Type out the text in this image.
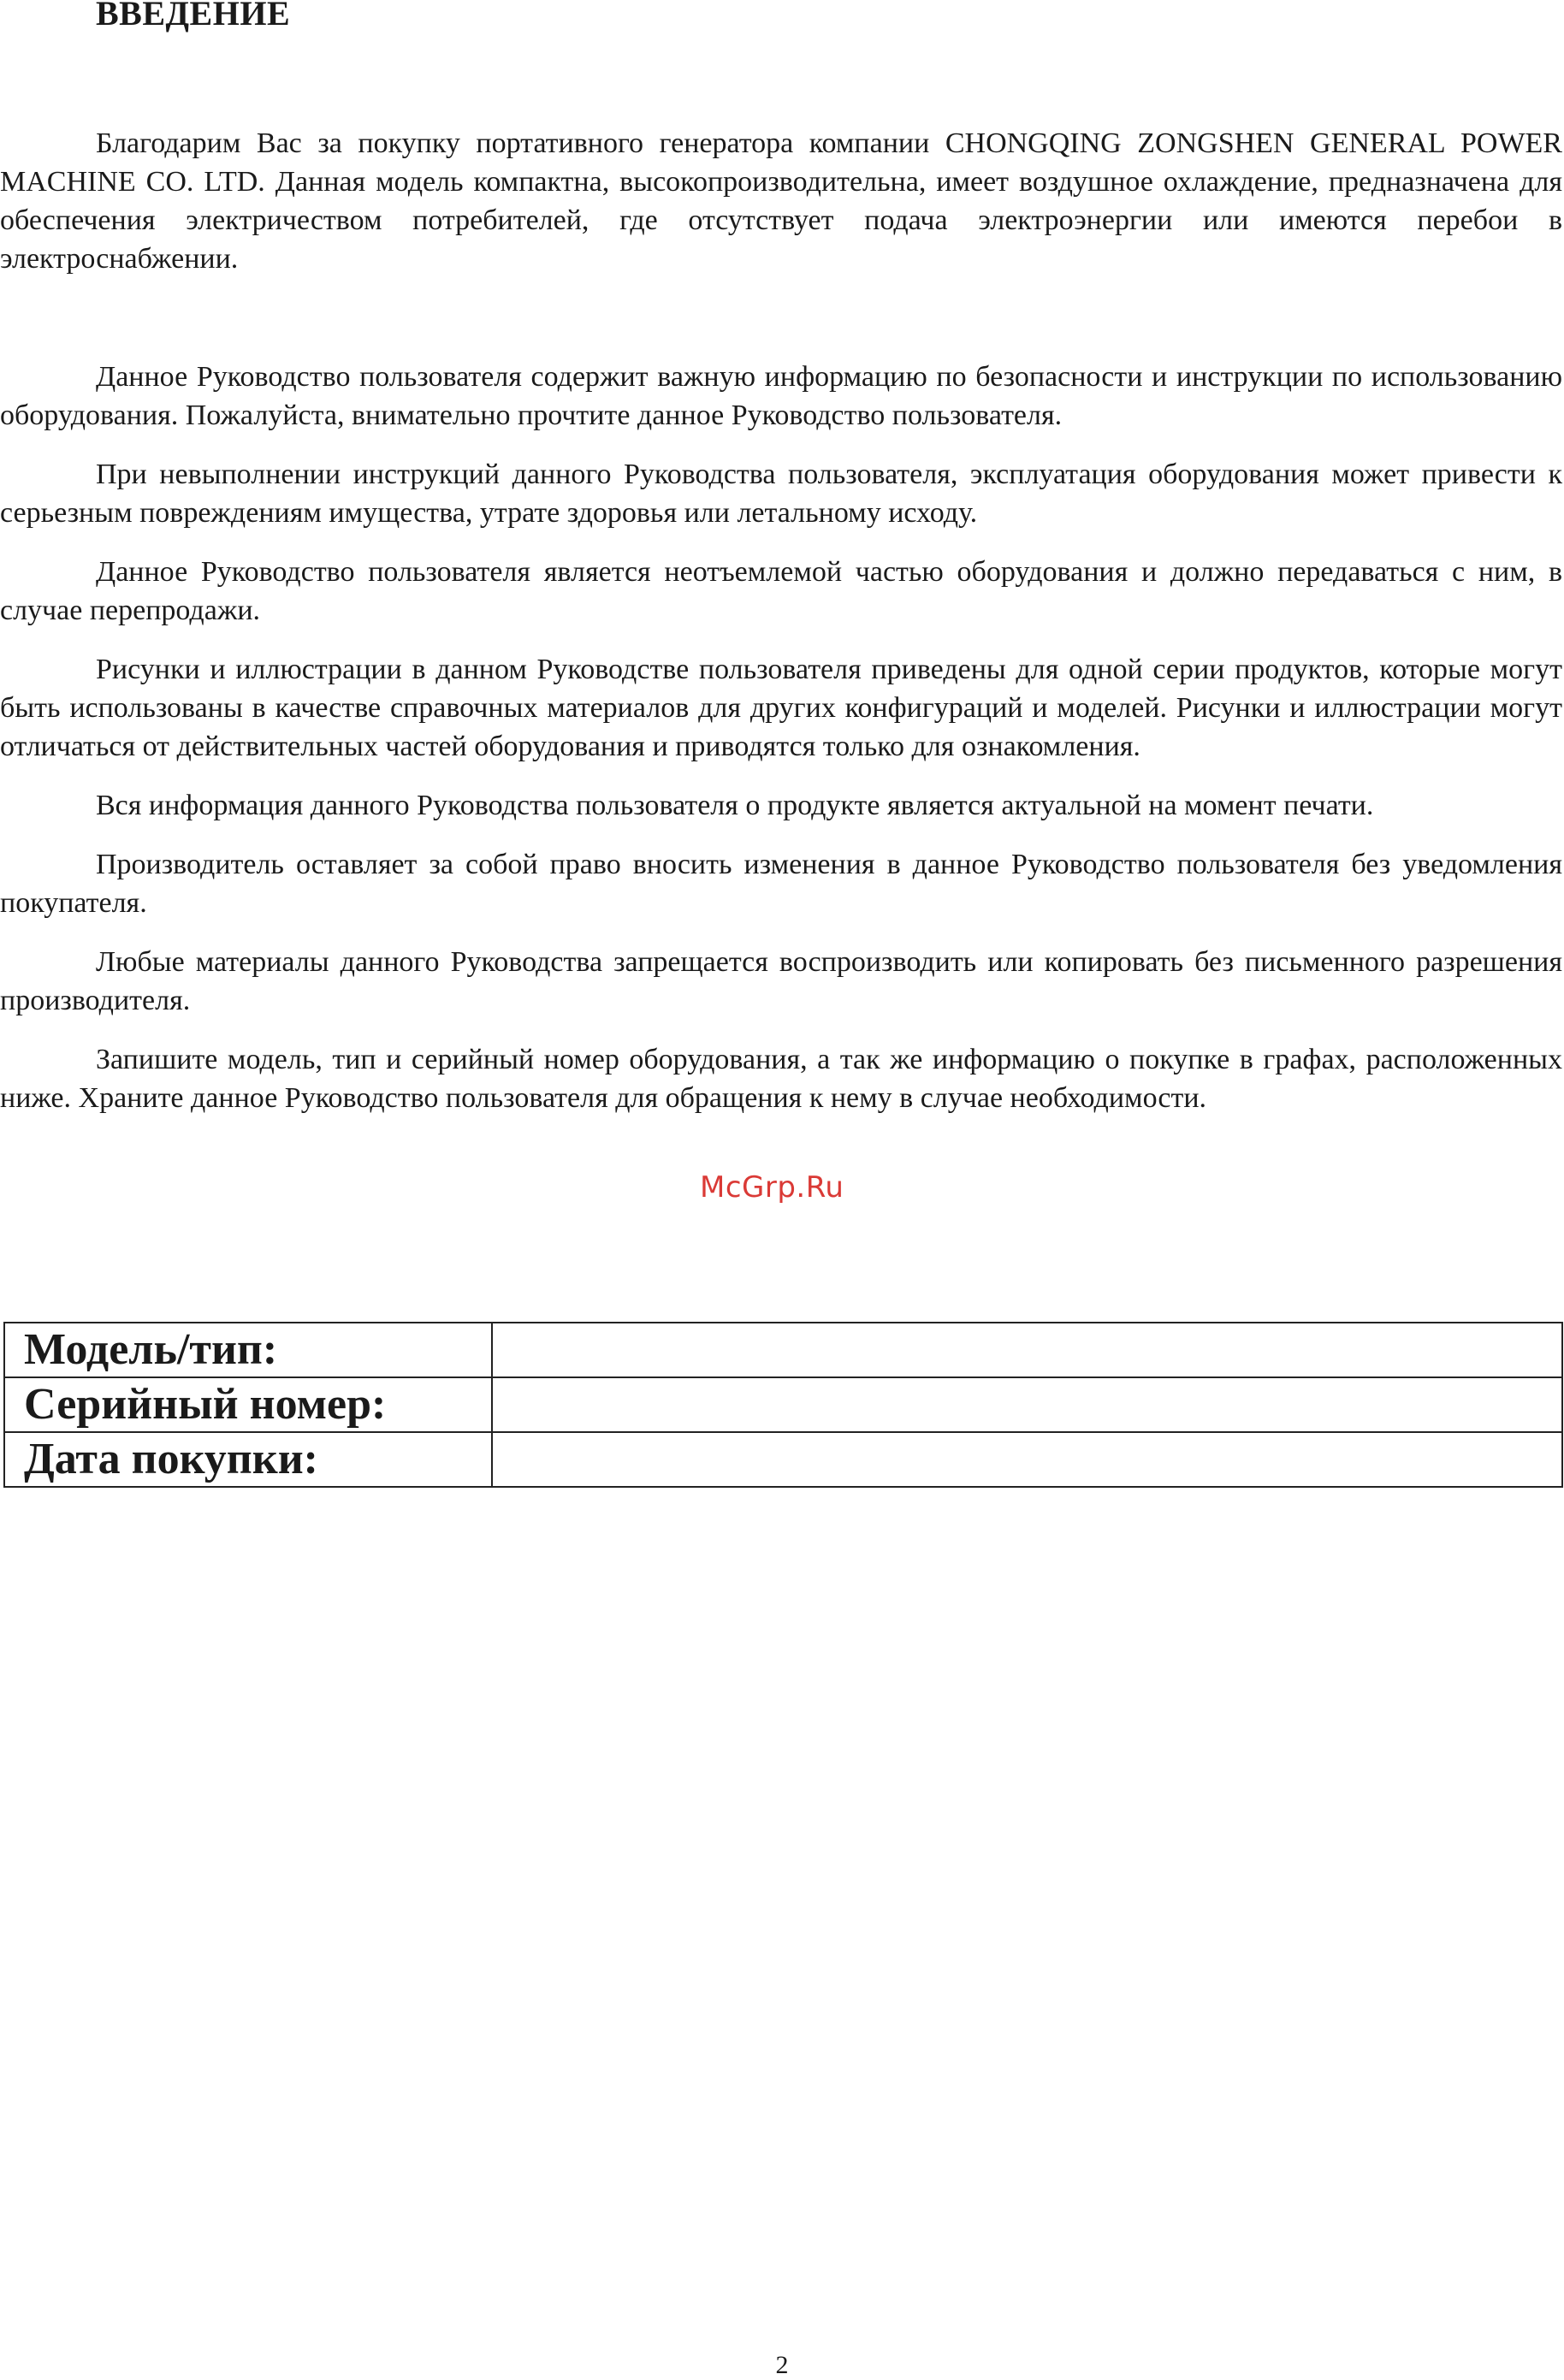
ВВЕДЕНИЕ

Благодарим Вас за покупку портативного генератора компании CHONGQING ZONGSHEN GENERAL POWER MACHINE CO. LTD. Данная модель компактна, высокопроизводительна, имеет воздушное охлаждение, предназначена для обеспечения электричеством потребителей, где отсутствует подача электроэнергии или имеются перебои в электроснабжении.

Данное Руководство пользователя содержит важную информацию по безопасности и инструкции по использованию оборудования. Пожалуйста, внимательно прочтите данное Руководство пользователя.

При невыполнении инструкций данного Руководства пользователя, эксплуатация оборудования может привести к серьезным повреждениям имущества, утрате здоровья или летальному исходу.

Данное Руководство пользователя является неотъемлемой частью оборудования и должно передаваться с ним, в случае перепродажи.

Рисунки и иллюстрации в данном Руководстве пользователя приведены для одной серии продуктов, которые могут быть использованы в качестве справочных материалов для других конфигураций и моделей. Рисунки и иллюстрации могут отличаться от действительных частей оборудования и приводятся только для ознакомления.

Вся информация данного Руководства пользователя о продукте является актуальной на момент печати.

Производитель оставляет за собой право вносить изменения в данное Руководство пользователя без уведомления покупателя.

Любые материалы данного Руководства запрещается воспроизводить или копировать без письменного разрешения производителя.

Запишите модель, тип и серийный номер оборудования, а так же информацию о покупке в графах, расположенных ниже. Храните данное Руководство пользователя для обращения к нему в случае необходимости.

McGrp.Ru
Модель/тип:	
Серийный номер:	
Дата покупки:	
2
